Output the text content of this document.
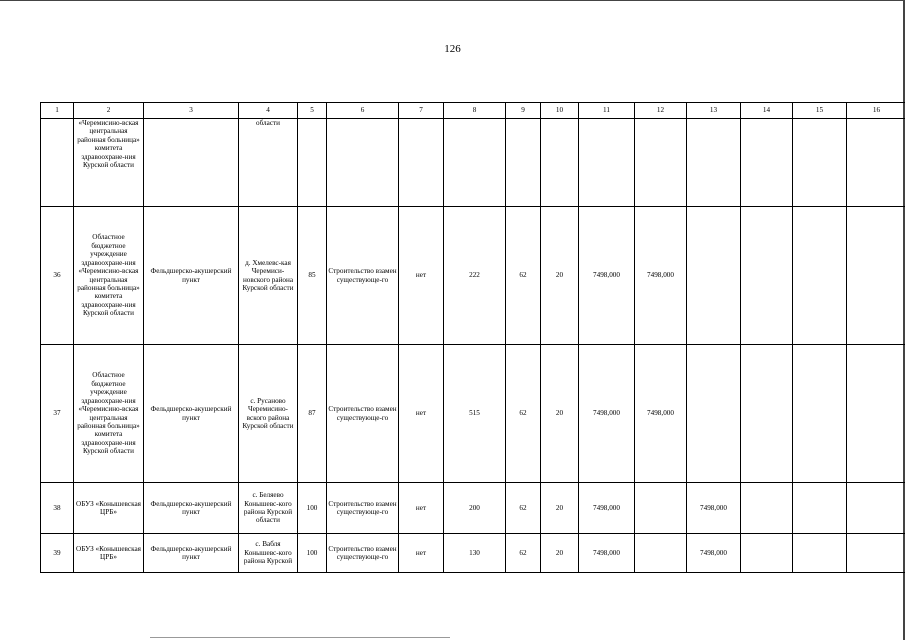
126
1	2	3	4	5	6	7	8	9	10	11	12	13	14	15	16
	«Черемисино-вская центральная районная больница» комитета здравоохране-ния Курской области		области												
36	Областное бюджетное учреждение здравоохране-ния «Черемисино-вская центральная районная больница» комитета здравоохране-ния Курской области	Фельдшерско-акушерский пункт	д. Хмелевс-кая Черемиси-новского района Курской области	85	Строительство взамен существующе-го	нет	222	62	20	7498,000	7498,000				
37	Областное бюджетное учреждение здравоохране-ния «Черемисино-вская центральная районная больница» комитета здравоохране-ния Курской области	Фельдшерско-акушерский пункт	с. Русаново Черемисино-вского района Курской области	87	Строительство взамен существующе-го	нет	515	62	20	7498,000	7498,000				
38	ОБУЗ «Конышевская ЦРБ»	Фельдшерско-акушерский пункт	с. Беляево Конышевс-кого района Курской области	100	Строительство взамен существующе-го	нет	200	62	20	7498,000		7498,000			
39	ОБУЗ «Конышевская ЦРБ»	Фельдшерско-акушерский пункт	с. Вабля Конышевс-кого района Курской	100	Строительство взамен существующе-го	нет	130	62	20	7498,000		7498,000			
